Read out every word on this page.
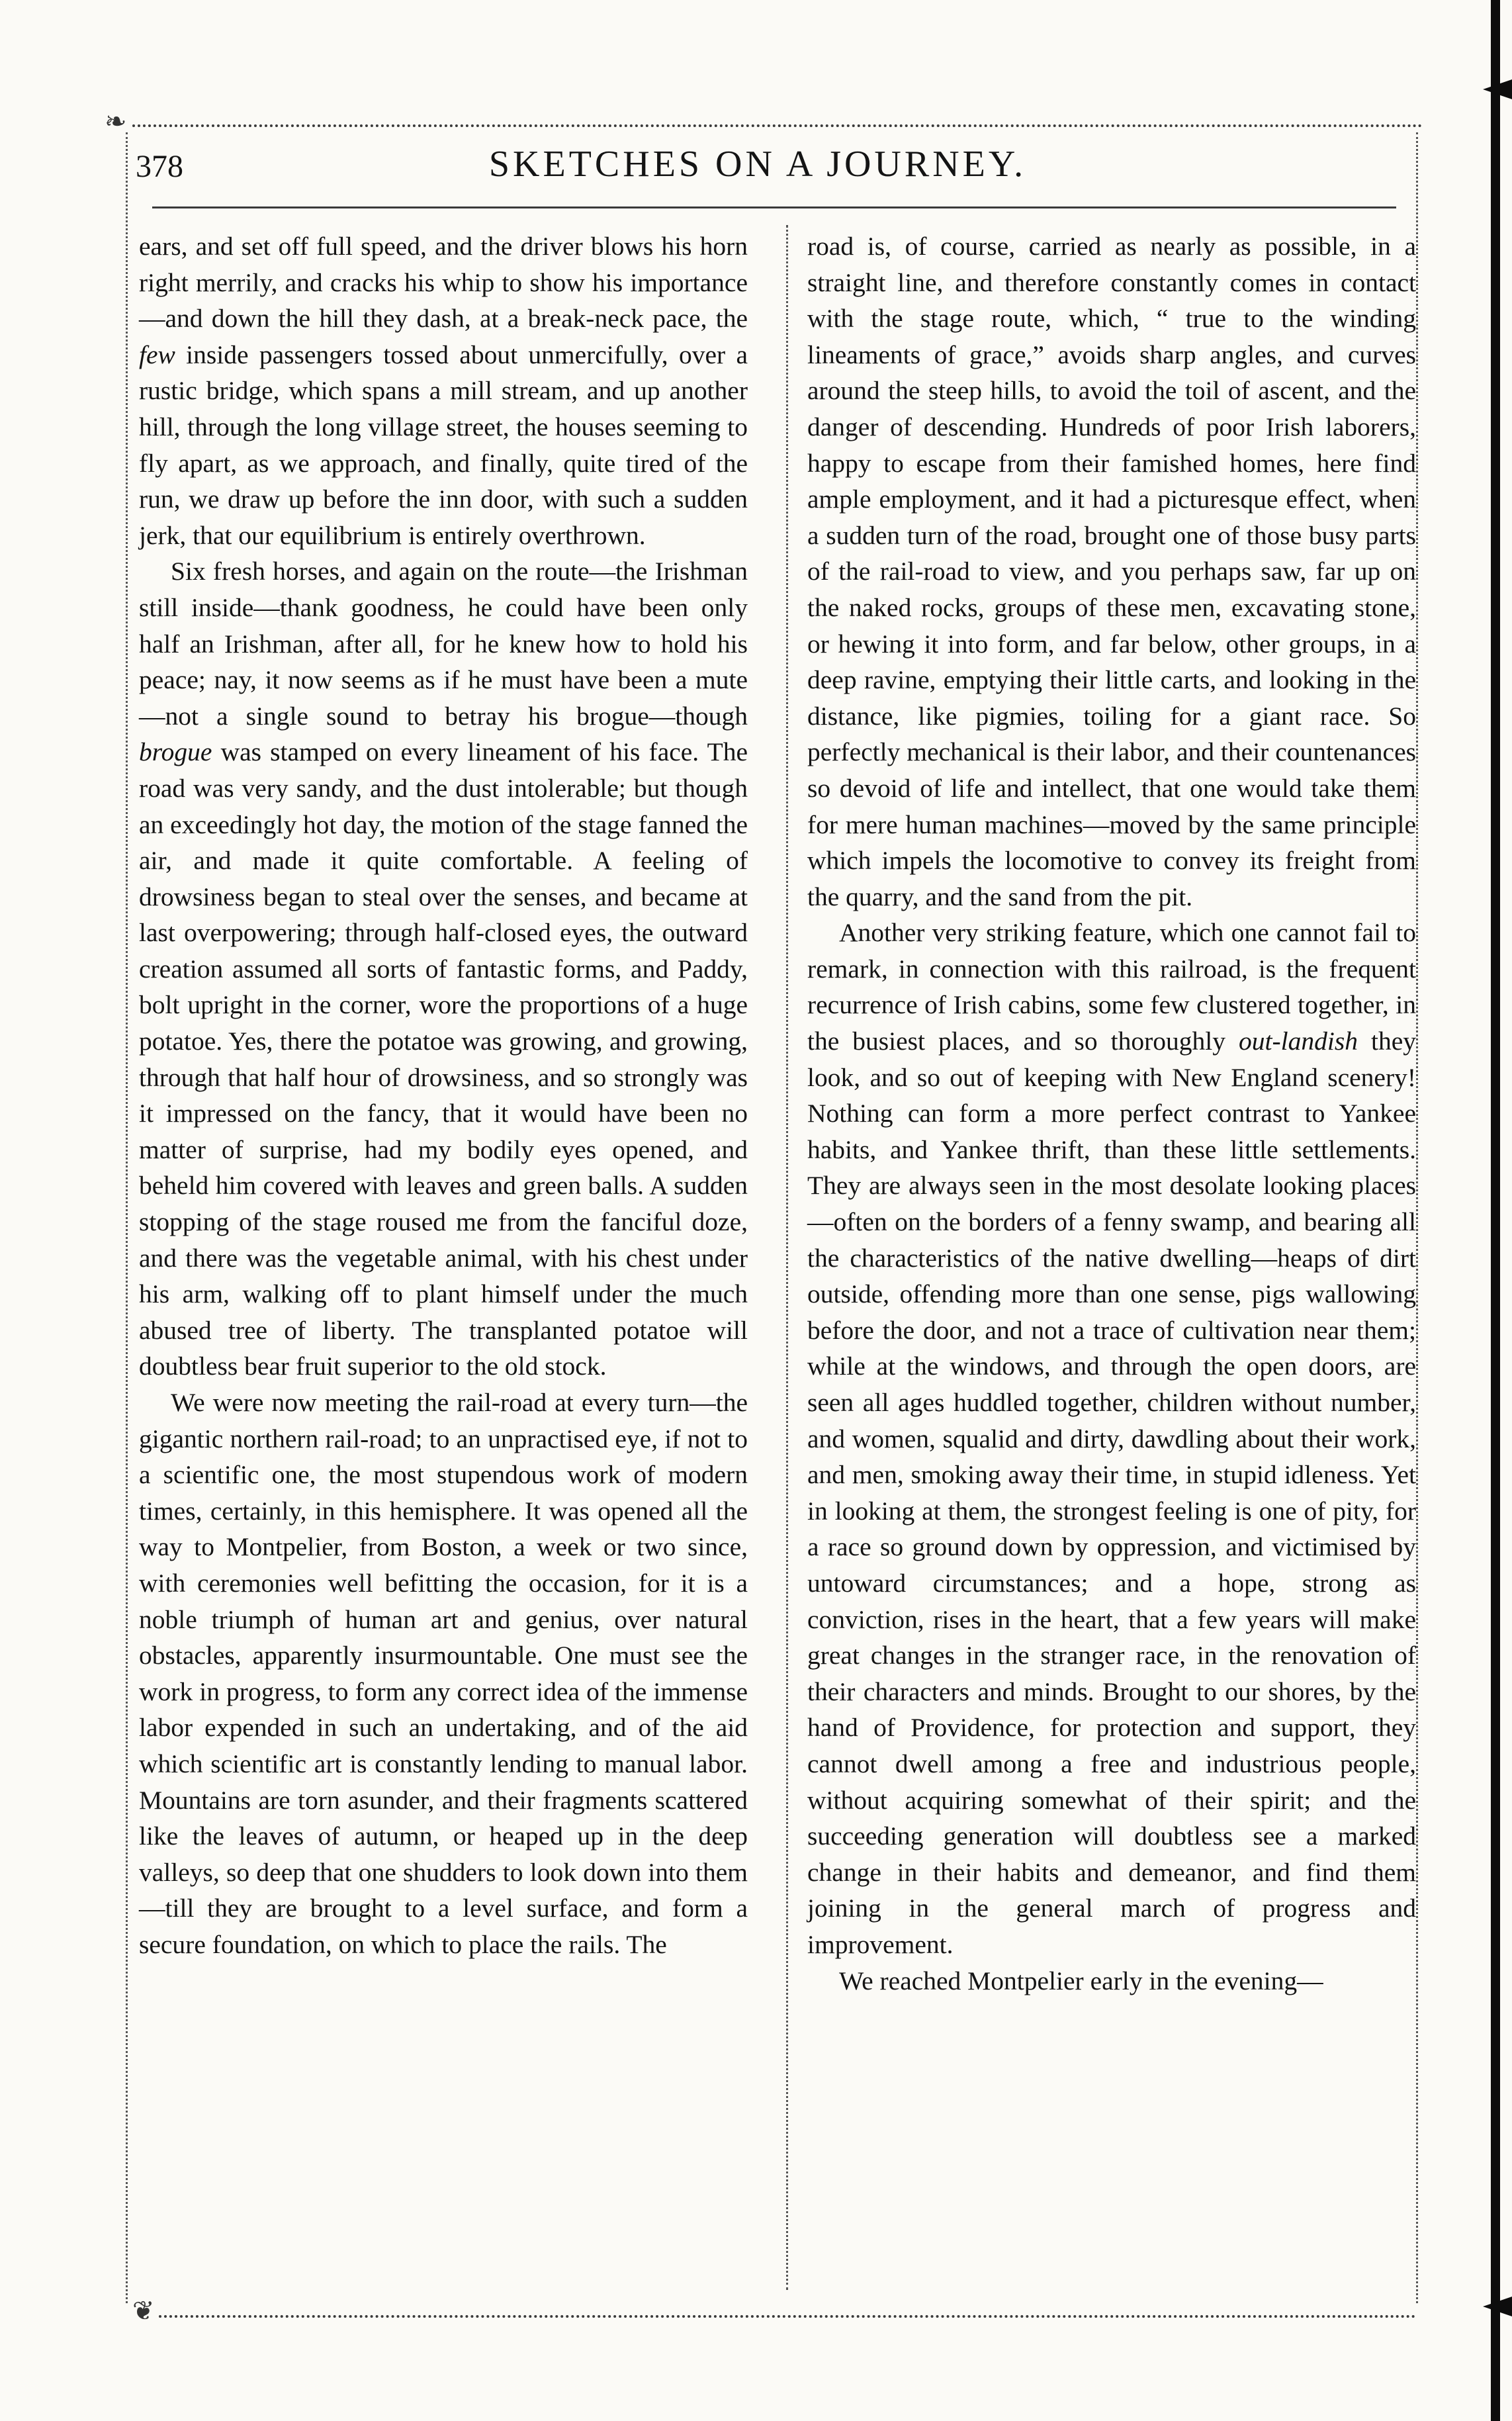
❧
378	SKETCHES ON A JOURNEY.

ears, and set off full speed, and the driver blows his horn right merrily, and cracks his whip to show his importance—and down the hill they dash, at a break-neck pace, the few inside passengers tossed about unmercifully, over a rustic bridge, which spans a mill stream, and up another hill, through the long village street, the houses seeming to fly apart, as we approach, and finally, quite tired of the run, we draw up before the inn door, with such a sudden jerk, that our equilibrium is entirely overthrown.

Six fresh horses, and again on the route—the Irishman still inside—thank goodness, he could have been only half an Irishman, after all, for he knew how to hold his peace; nay, it now seems as if he must have been a mute—not a single sound to betray his brogue—though brogue was stamped on every lineament of his face. The road was very sandy, and the dust intolerable; but though an exceedingly hot day, the motion of the stage fanned the air, and made it quite comfortable. A feeling of drowsiness began to steal over the senses, and became at last overpowering; through half-closed eyes, the outward creation assumed all sorts of fantastic forms, and Paddy, bolt upright in the corner, wore the proportions of a huge potatoe. Yes, there the potatoe was growing, and growing, through that half hour of drowsiness, and so strongly was it impressed on the fancy, that it would have been no matter of surprise, had my bodily eyes opened, and beheld him covered with leaves and green balls. A sudden stopping of the stage roused me from the fanciful doze, and there was the vegetable animal, with his chest under his arm, walking off to plant himself under the much abused tree of liberty. The transplanted potatoe will doubtless bear fruit superior to the old stock.

We were now meeting the rail-road at every turn—the gigantic northern rail-road; to an unpractised eye, if not to a scientific one, the most stupendous work of modern times, certainly, in this hemisphere. It was opened all the way to Montpelier, from Boston, a week or two since, with ceremonies well befitting the occasion, for it is a noble triumph of human art and genius, over natural obstacles, apparently insurmountable. One must see the work in progress, to form any correct idea of the immense labor expended in such an undertaking, and of the aid which scientific art is constantly lending to manual labor. Mountains are torn asunder, and their fragments scattered like the leaves of autumn, or heaped up in the deep valleys, so deep that one shudders to look down into them—till they are brought to a level surface, and form a secure foundation, on which to place the rails. The

road is, of course, carried as nearly as possible, in a straight line, and therefore constantly comes in contact with the stage route, which, “ true to the winding lineaments of grace,” avoids sharp angles, and curves around the steep hills, to avoid the toil of ascent, and the danger of descending. Hundreds of poor Irish laborers, happy to escape from their famished homes, here find ample employment, and it had a picturesque effect, when a sudden turn of the road, brought one of those busy parts of the rail-road to view, and you perhaps saw, far up on the naked rocks, groups of these men, excavating stone, or hewing it into form, and far below, other groups, in a deep ravine, emptying their little carts, and looking in the distance, like pigmies, toiling for a giant race. So perfectly mechanical is their labor, and their countenances so devoid of life and intellect, that one would take them for mere human machines—moved by the same principle which impels the locomotive to convey its freight from the quarry, and the sand from the pit.

Another very striking feature, which one cannot fail to remark, in connection with this railroad, is the frequent recurrence of Irish cabins, some few clustered together, in the busiest places, and so thoroughly out-landish they look, and so out of keeping with New England scenery! Nothing can form a more perfect contrast to Yankee habits, and Yankee thrift, than these little settlements. They are always seen in the most desolate looking places—often on the borders of a fenny swamp, and bearing all the characteristics of the native dwelling—heaps of dirt outside, offending more than one sense, pigs wallowing before the door, and not a trace of cultivation near them; while at the windows, and through the open doors, are seen all ages huddled together, children without number, and women, squalid and dirty, dawdling about their work, and men, smoking away their time, in stupid idleness. Yet in looking at them, the strongest feeling is one of pity, for a race so ground down by oppression, and victimised by untoward circumstances; and a hope, strong as conviction, rises in the heart, that a few years will make great changes in the stranger race, in the renovation of their characters and minds. Brought to our shores, by the hand of Providence, for protection and support, they cannot dwell among a free and industrious people, without acquiring somewhat of their spirit; and the succeeding generation will doubtless see a marked change in their habits and demeanor, and find them joining in the general march of progress and improvement.

We reached Montpelier early in the evening—

❦
